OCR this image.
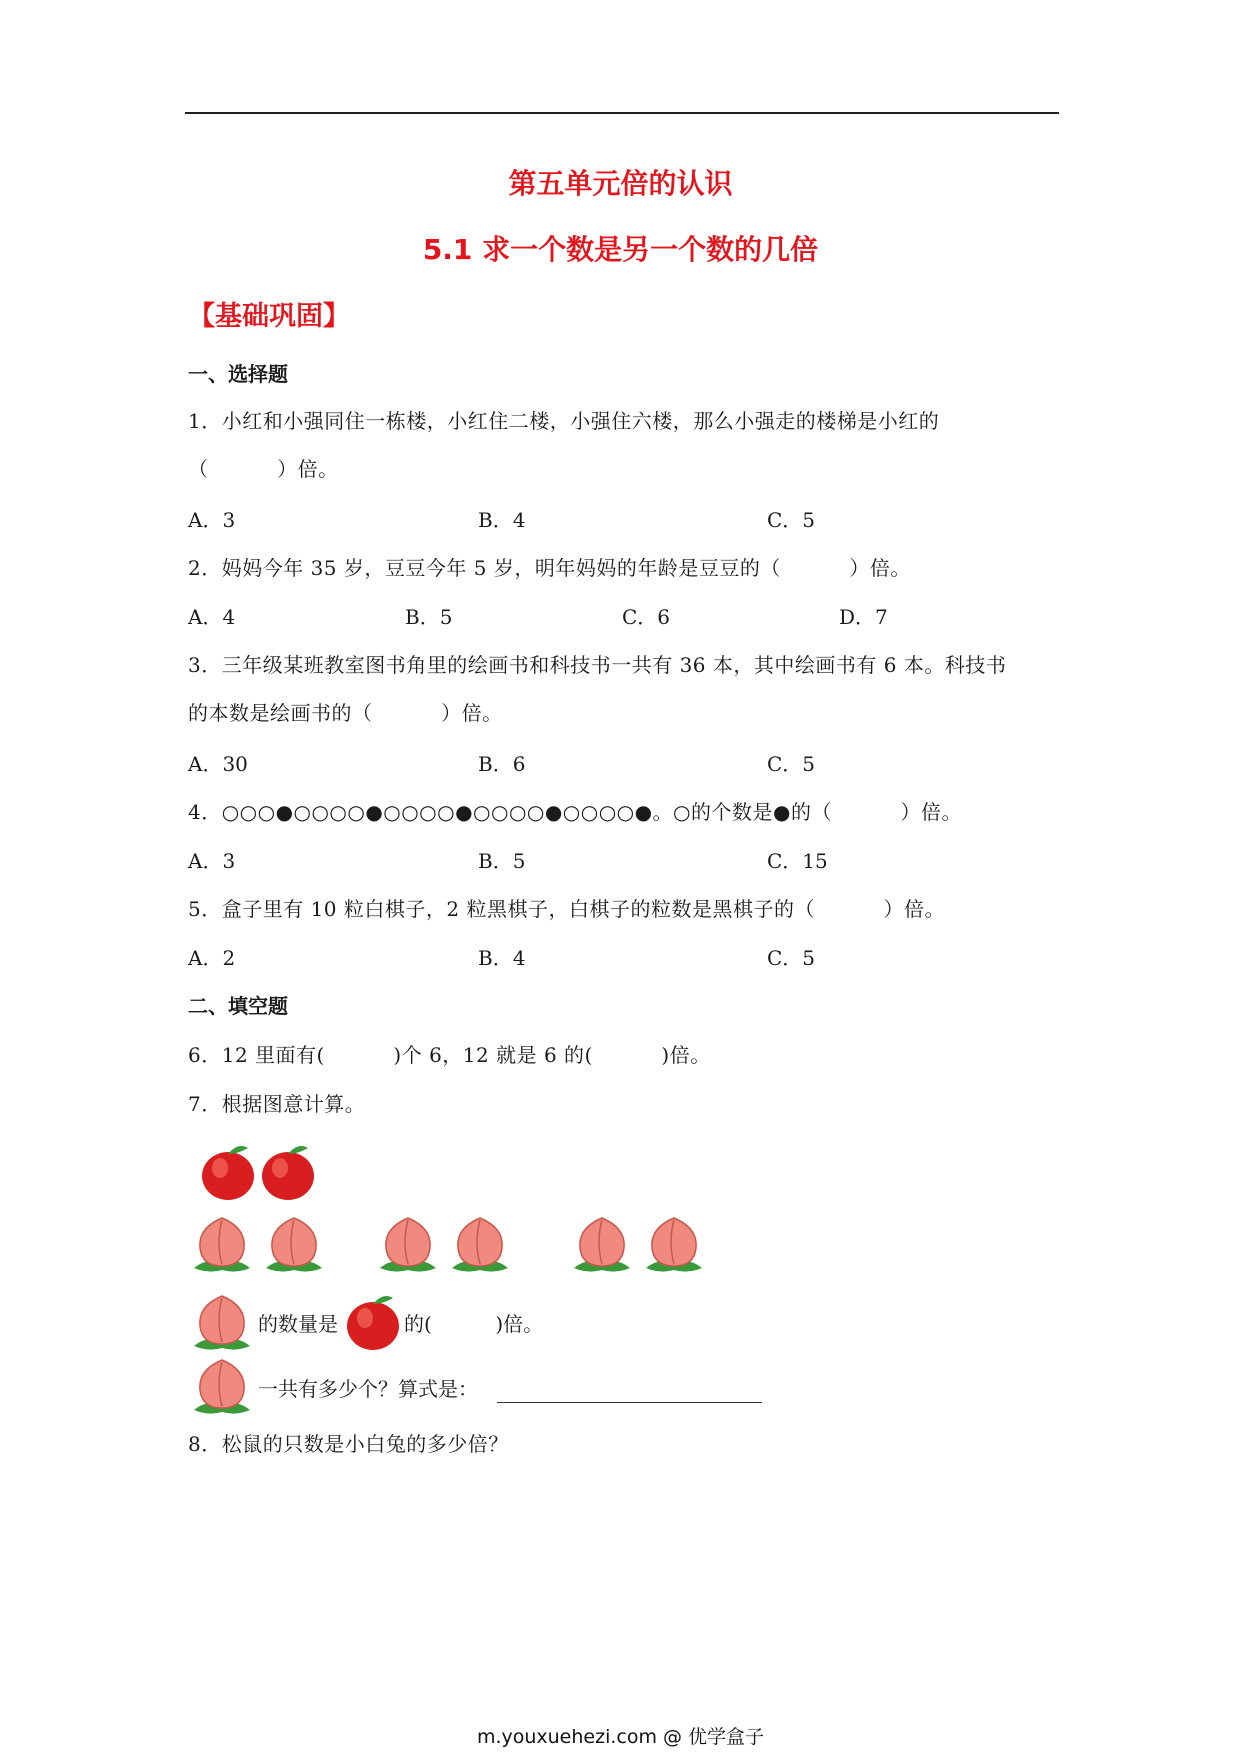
第五单元倍的认识
5.1 求一个数是另一个数的几倍
【基础巩固】
一、选择题
1．小红和小强同住一栋楼，小红住二楼，小强住六楼，那么小强走的楼梯是小红的
（          ）倍。
A．3	B．4	C．5
2．妈妈今年 35 岁，豆豆今年 5 岁，明年妈妈的年龄是豆豆的（          ）倍。
A．4	B．5	C．6	D．7
3．三年级某班教室图书角里的绘画书和科技书一共有 36 本，其中绘画书有 6 本。科技书
的本数是绘画书的（          ）倍。
A．30	B．6	C．5
4．○○○●○○○○●○○○○●○○○○●○○○○●。○的个数是●的（          ）倍。
A．3	B．5	C．15
5．盒子里有 10 粒白棋子，2 粒黑棋子，白棋子的粒数是黑棋子的（          ）倍。
A．2	B．4	C．5
二、填空题
6．12 里面有(          )个 6，12 就是 6 的(          )倍。
7．根据图意计算。
的数量是	的(          )倍。
一共有多少个？算式是：
8．松鼠的只数是小白兔的多少倍？
m.youxuehezi.com @ 优学盒子
